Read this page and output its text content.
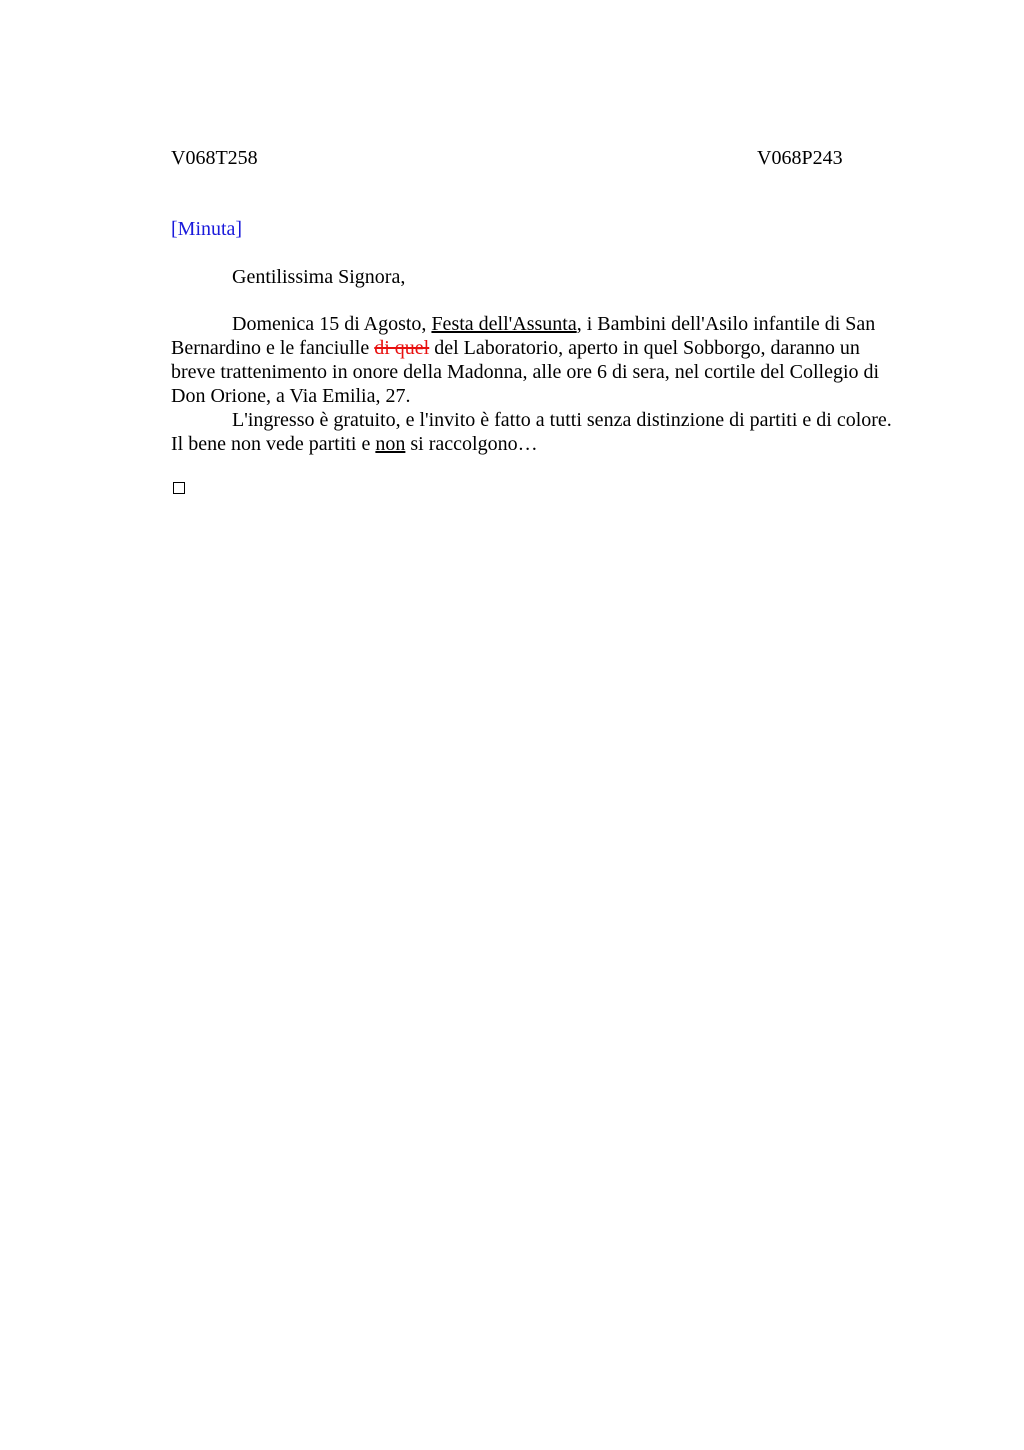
V068T258	V068P243
[Minuta]
Gentilissima Signora,
Domenica 15 di Agosto, Festa dell'Assunta, i Bambini dell'Asilo infantile di San
Bernardino e le fanciulle di quel del Laboratorio, aperto in quel Sobborgo, daranno un
breve trattenimento in onore della Madonna, alle ore 6 di sera, nel cortile del Collegio di
Don Orione, a Via Emilia, 27.
L'ingresso è gratuito, e l'invito è fatto a tutti senza distinzione di partiti e di colore.
Il bene non vede partiti e non si raccolgono…
